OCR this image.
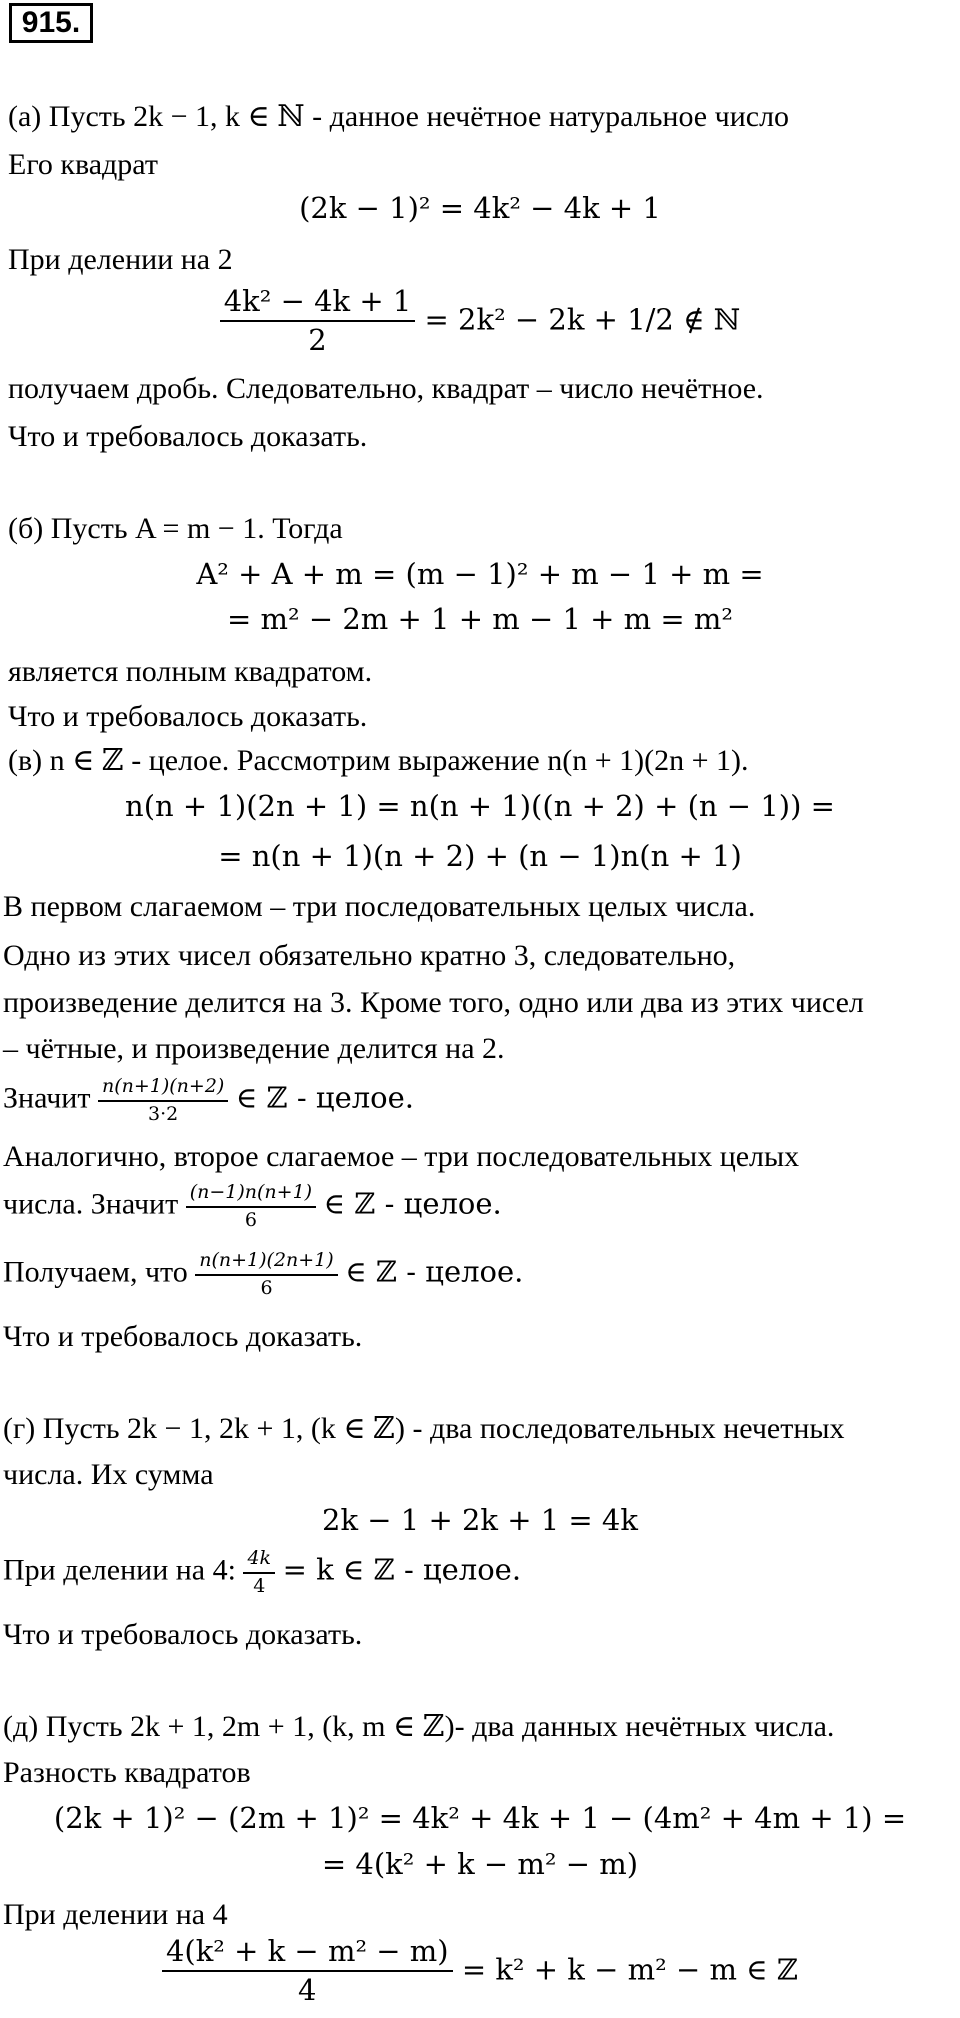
915.
(а) Пусть 2k − 1, k ∈ ℕ - данное нечётное натуральное число
Его квадрат
(2k − 1)² = 4k² − 4k + 1
При делении на 2
$\frac{\text{4k² − 4k + 1}}{2} = 2k^2 - 2k + 1/2$ ∉ ℕ
получаем дробь. Следовательно, квадрат – число нечётное.
Что и требовалось доказать.
(б) Пусть A = m − 1. Тогда
A² + A + m = (m − 1)² + m − 1 + m =
= m² − 2m + 1 + m − 1 + m = m²
является полным квадратом.
Что и требовалось доказать.
(в) n ∈ ℤ - целое. Рассмотрим выражение n(n + 1)(2n + 1).
n(n + 1)(2n + 1) = n(n + 1)((n + 2) + (n − 1)) =
= n(n + 1)(n + 2) + (n − 1)n(n + 1)
В первом слагаемом – три последовательных целых числа.
Одно из этих чисел обязательно кратно 3, следовательно,
произведение делится на 3. Кроме того, одно или два из этих чисел
– чётные, и произведение делится на 2.
Значит $\frac{n(n+1)(n+2)}{3\cdot 2}$ ∈ ℤ - целое.
Аналогично, второе слагаемое – три последовательных целых
числа. Значит $\frac{(n-1)n(n+1)}{6}$ ∈ ℤ - целое.
Получаем, что $\frac{n(n+1)(2n+1)}{6}$ ∈ ℤ - целое.
Что и требовалось доказать.
(г) Пусть 2k − 1, 2k + 1, (k ∈ ℤ) - два последовательных нечетных
числа. Их сумма
2k − 1 + 2k + 1 = 4k
При делении на 4: $\frac{4k}{4} = k$ ∈ ℤ - целое.
Что и требовалось доказать.
(д) Пусть 2k + 1, 2m + 1, (k, m ∈ ℤ)- два данных нечётных числа.
Разность квадратов
(2k + 1)² − (2m + 1)² = 4k² + 4k + 1 − (4m² + 4m + 1) =
= 4(k² + k − m² − m)
При делении на 4
$\frac{\text{4(k² + k − m² − m)}}{4} = k^2 + k - m^2 - m$ ∈ ℤ
